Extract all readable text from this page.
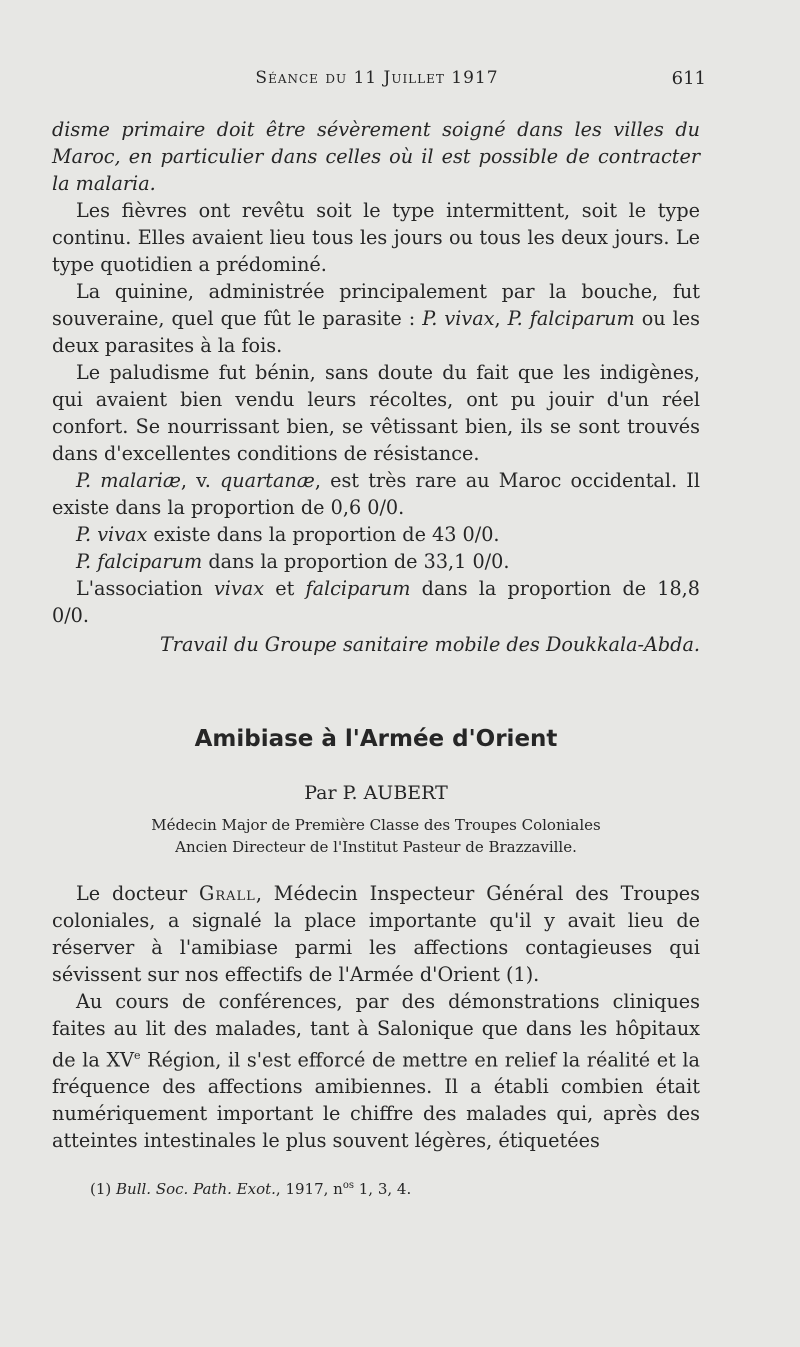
Séance du 11 Juillet 1917	611

disme primaire doit être sévèrement soigné dans les villes du Maroc, en particulier dans celles où il est possible de contracter la malaria.

Les fièvres ont revêtu soit le type intermittent, soit le type continu. Elles avaient lieu tous les jours ou tous les deux jours. Le type quotidien a prédominé.

La quinine, administrée principalement par la bouche, fut souveraine, quel que fût le parasite : P. vivax, P. falciparum ou les deux parasites à la fois.

Le paludisme fut bénin, sans doute du fait que les indigènes, qui avaient bien vendu leurs récoltes, ont pu jouir d'un réel confort. Se nourrissant bien, se vêtissant bien, ils se sont trouvés dans d'excellentes conditions de résistance.

P. malariæ, v. quartanæ, est très rare au Maroc occidental. Il existe dans la proportion de 0,6 0/0.

P. vivax existe dans la proportion de 43 0/0.

P. falciparum dans la proportion de 33,1 0/0.

L'association vivax et falciparum dans la proportion de 18,8 0/0.

Travail du Groupe sanitaire mobile des Doukkala-Abda.

Amibiase à l'Armée d'Orient
Par P. AUBERT
Médecin Major de Première Classe des Troupes Coloniales
Ancien Directeur de l'Institut Pasteur de Brazzaville.

Le docteur Grall, Médecin Inspecteur Général des Troupes coloniales, a signalé la place importante qu'il y avait lieu de réserver à l'amibiase parmi les affections contagieuses qui sévissent sur nos effectifs de l'Armée d'Orient (1).

Au cours de conférences, par des démonstrations cliniques faites au lit des malades, tant à Salonique que dans les hôpitaux de la XVe Région, il s'est efforcé de mettre en relief la réalité et la fréquence des affections amibiennes. Il a établi combien était numériquement important le chiffre des malades qui, après des atteintes intestinales le plus souvent légères, étiquetées

(1) Bull. Soc. Path. Exot., 1917, $n^{os}$ 1, 3, 4.
